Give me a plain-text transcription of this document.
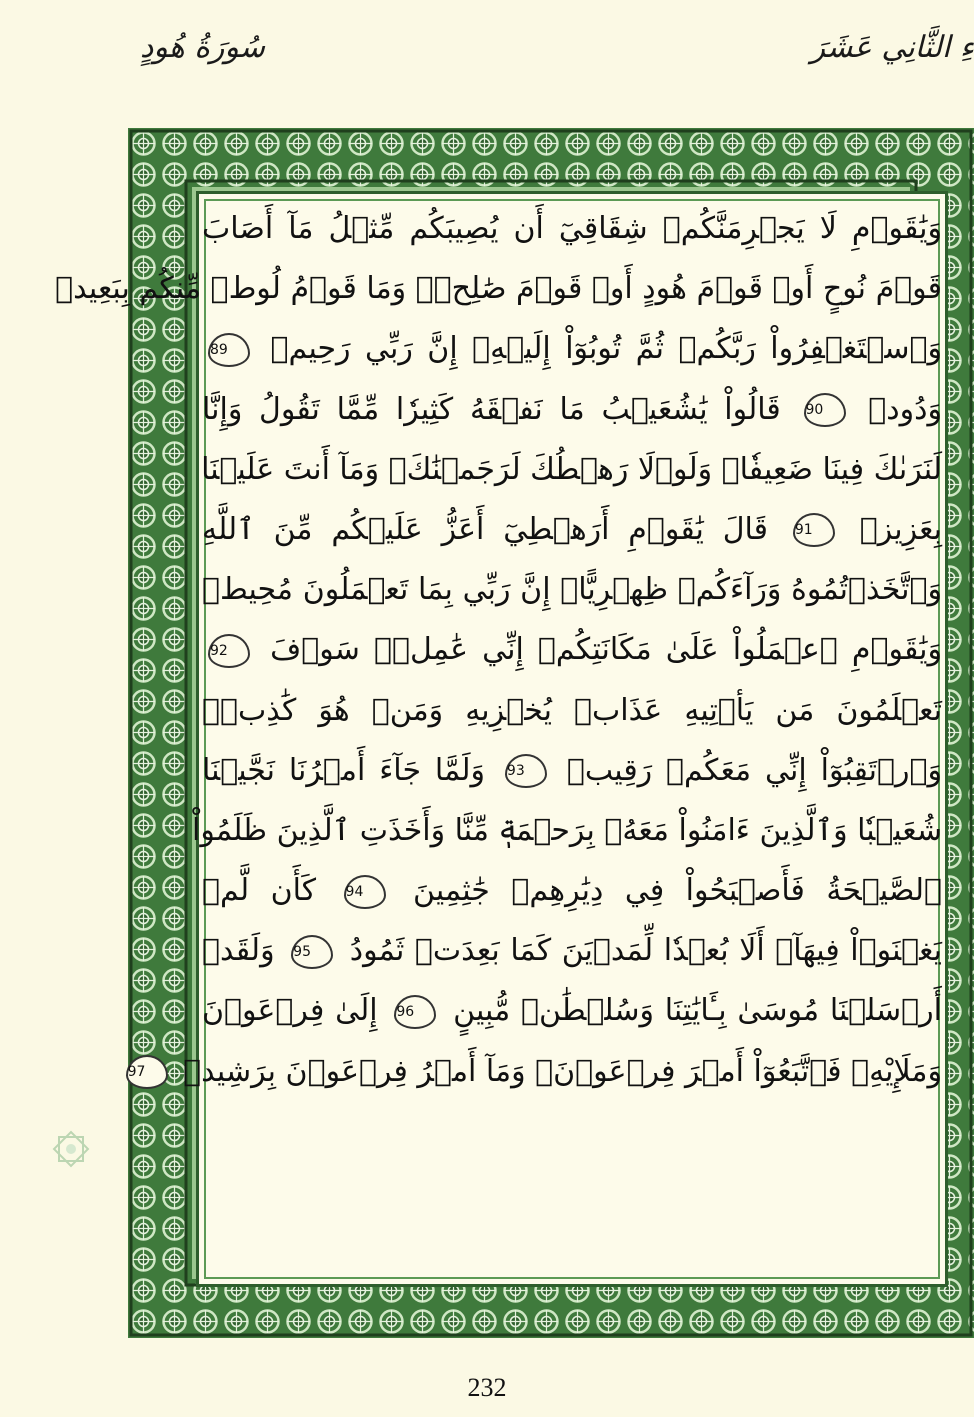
سُورَةُ هُودٍ	ءِ الثَّانِي عَشَرَ
وَيَٰقَوۡمِ لَا يَجۡرِمَنَّكُمۡ شِقَاقِيٓ أَن يُصِيبَكُم مِّثۡلُ مَآ أَصَابَ
قَوۡمَ نُوحٍ أَوۡ قَوۡمَ هُودٍ أَوۡ قَوۡمَ صَٰلِحٖۚ وَمَا قَوۡمُ لُوطٖ مِّنكُم بِبَعِيدٖ
وَٱسۡتَغۡفِرُواْ رَبَّكُمۡ ثُمَّ تُوبُوٓاْ إِلَيۡهِۚ إِنَّ رَبِّي رَحِيمٞ 89
وَدُودٞ 90 قَالُواْ يَٰشُعَيۡبُ مَا نَفۡقَهُ كَثِيرٗا مِّمَّا تَقُولُ وَإِنَّا
لَنَرَىٰكَ فِينَا ضَعِيفٗاۖ وَلَوۡلَا رَهۡطُكَ لَرَجَمۡنَٰكَۖ وَمَآ أَنتَ عَلَيۡنَا
بِعَزِيزٖ 91 قَالَ يَٰقَوۡمِ أَرَهۡطِيٓ أَعَزُّ عَلَيۡكُم مِّنَ ٱللَّهِ
وَٱتَّخَذۡتُمُوهُ وَرَآءَكُمۡ ظِهۡرِيًّاۖ إِنَّ رَبِّي بِمَا تَعۡمَلُونَ مُحِيطٞ
وَيَٰقَوۡمِ ٱعۡمَلُواْ عَلَىٰ مَكَانَتِكُمۡ إِنِّي عَٰمِلٞۖ سَوۡفَ 92
تَعۡلَمُونَ مَن يَأۡتِيهِ عَذَابٞ يُخۡزِيهِ وَمَنۡ هُوَ كَٰذِبٞۖ
وَٱرۡتَقِبُوٓاْ إِنِّي مَعَكُمۡ رَقِيبٞ 93 وَلَمَّا جَآءَ أَمۡرُنَا نَجَّيۡنَا
شُعَيۡبٗا وَٱلَّذِينَ ءَامَنُواْ مَعَهُۥ بِرَحۡمَةٖ مِّنَّا وَأَخَذَتِ ٱلَّذِينَ ظَلَمُواْ
ٱلصَّيۡحَةُ فَأَصۡبَحُواْ فِي دِيَٰرِهِمۡ جَٰثِمِينَ 94 كَأَن لَّمۡ
يَغۡنَوۡاْ فِيهَآۗ أَلَا بُعۡدٗا لِّمَدۡيَنَ كَمَا بَعِدَتۡ ثَمُودُ 95 وَلَقَدۡ
أَرۡسَلۡنَا مُوسَىٰ بِـَٔايَٰتِنَا وَسُلۡطَٰنٖ مُّبِينٍ 96 إِلَىٰ فِرۡعَوۡنَ
وَمَلَإِيْهِۦ فَٱتَّبَعُوٓاْ أَمۡرَ فِرۡعَوۡنَۖ وَمَآ أَمۡرُ فِرۡعَوۡنَ بِرَشِيدٖ 97
232
